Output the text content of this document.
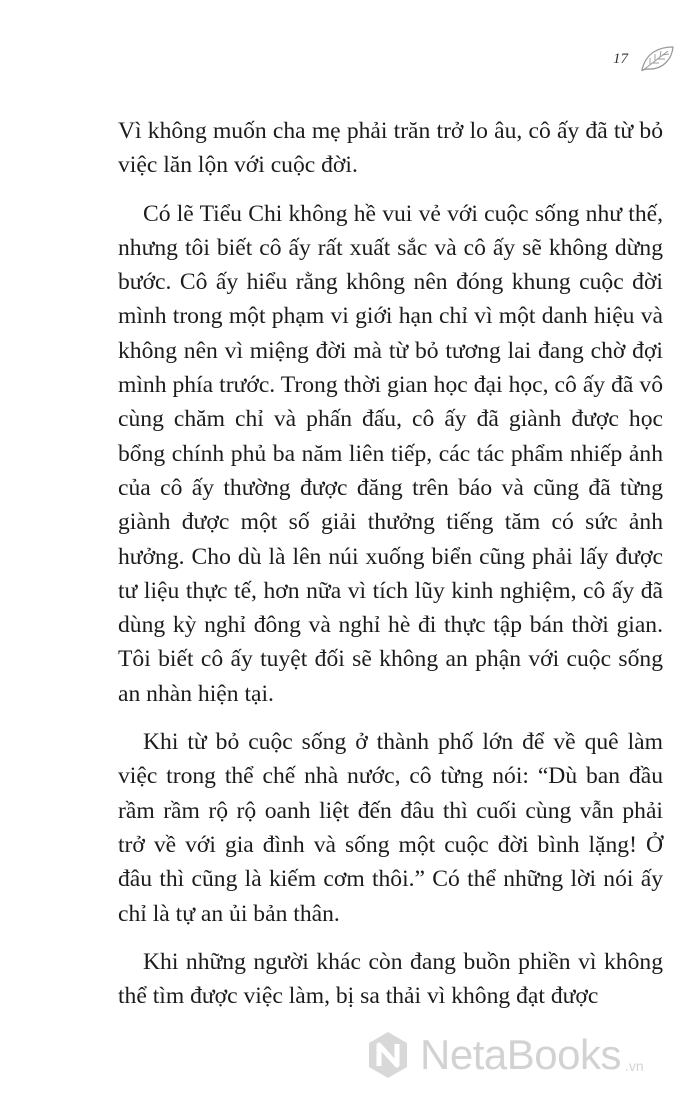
17

Vì không muốn cha mẹ phải trăn trở lo âu, cô ấy đã từ bỏ việc lăn lộn với cuộc đời.

Có lẽ Tiểu Chi không hề vui vẻ với cuộc sống như thế, nhưng tôi biết cô ấy rất xuất sắc và cô ấy sẽ không dừng bước. Cô ấy hiểu rằng không nên đóng khung cuộc đời mình trong một phạm vi giới hạn chỉ vì một danh hiệu và không nên vì miệng đời mà từ bỏ tương lai đang chờ đợi mình phía trước. Trong thời gian học đại học, cô ấy đã vô cùng chăm chỉ và phấn đấu, cô ấy đã giành được học bổng chính phủ ba năm liên tiếp, các tác phẩm nhiếp ảnh của cô ấy thường được đăng trên báo và cũng đã từng giành được một số giải thưởng tiếng tăm có sức ảnh hưởng. Cho dù là lên núi xuống biển cũng phải lấy được tư liệu thực tế, hơn nữa vì tích lũy kinh nghiệm, cô ấy đã dùng kỳ nghỉ đông và nghỉ hè đi thực tập bán thời gian. Tôi biết cô ấy tuyệt đối sẽ không an phận với cuộc sống an nhàn hiện tại.

Khi từ bỏ cuộc sống ở thành phố lớn để về quê làm việc trong thể chế nhà nước, cô từng nói: “Dù ban đầu rầm rầm rộ rộ oanh liệt đến đâu thì cuối cùng vẫn phải trở về với gia đình và sống một cuộc đời bình lặng! Ở đâu thì cũng là kiếm cơm thôi.” Có thể những lời nói ấy chỉ là tự an ủi bản thân.

Khi những người khác còn đang buồn phiền vì không thể tìm được việc làm, bị sa thải vì không đạt được

NetaBooks .vn
